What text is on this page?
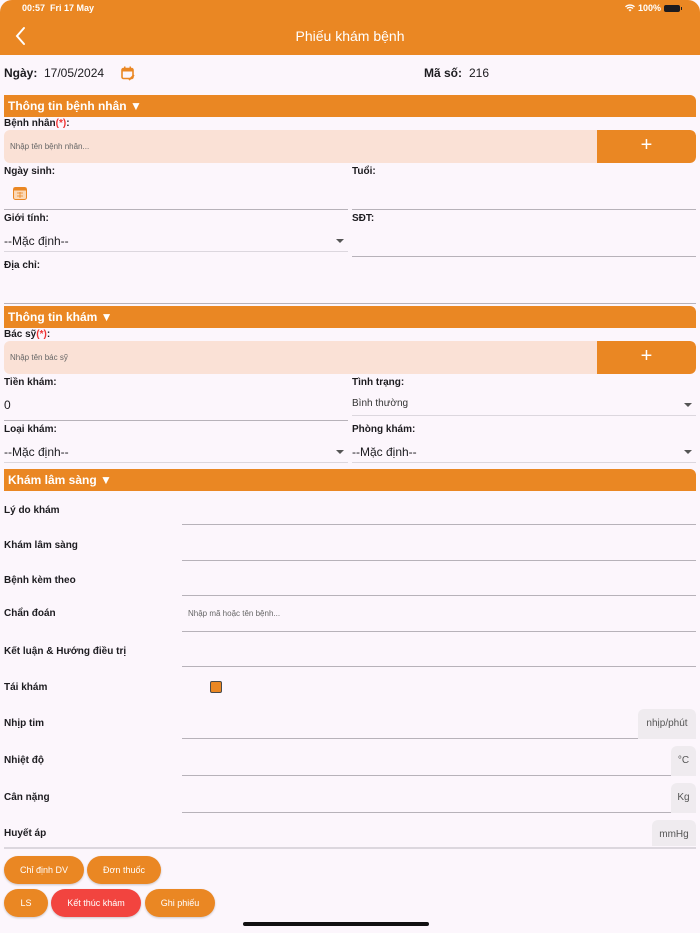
00:57 Fri 17 May	100%
Phiếu khám bệnh
Ngày: 17/05/2024	Mã số: 216
Thông tin bệnh nhân ▼
Bệnh nhân(*):
Nhập tên bệnh nhân...
+
Ngày sinh:	Tuổi:
Giới tính:
--Mặc định--
SĐT:
Địa chỉ:
Thông tin khám ▼
Bác sỹ(*):
Nhập tên bác sỹ
+
Tiền khám:
0
Tình trạng:
Bình thường
Loại khám:
--Mặc định--
Phòng khám:
--Mặc định--
Khám lâm sàng ▼
Lý do khám
Khám lâm sàng
Bệnh kèm theo
Chẩn đoán
Nhập mã hoặc tên bệnh...
Kết luận & Hướng điều trị
Tái khám
Nhịp tim	nhịp/phút
Nhiệt độ	°C
Cân nặng	Kg
Huyết áp	mmHg
Chỉ định DV	Đơn thuốc
LS	Kết thúc khám	Ghi phiếu
